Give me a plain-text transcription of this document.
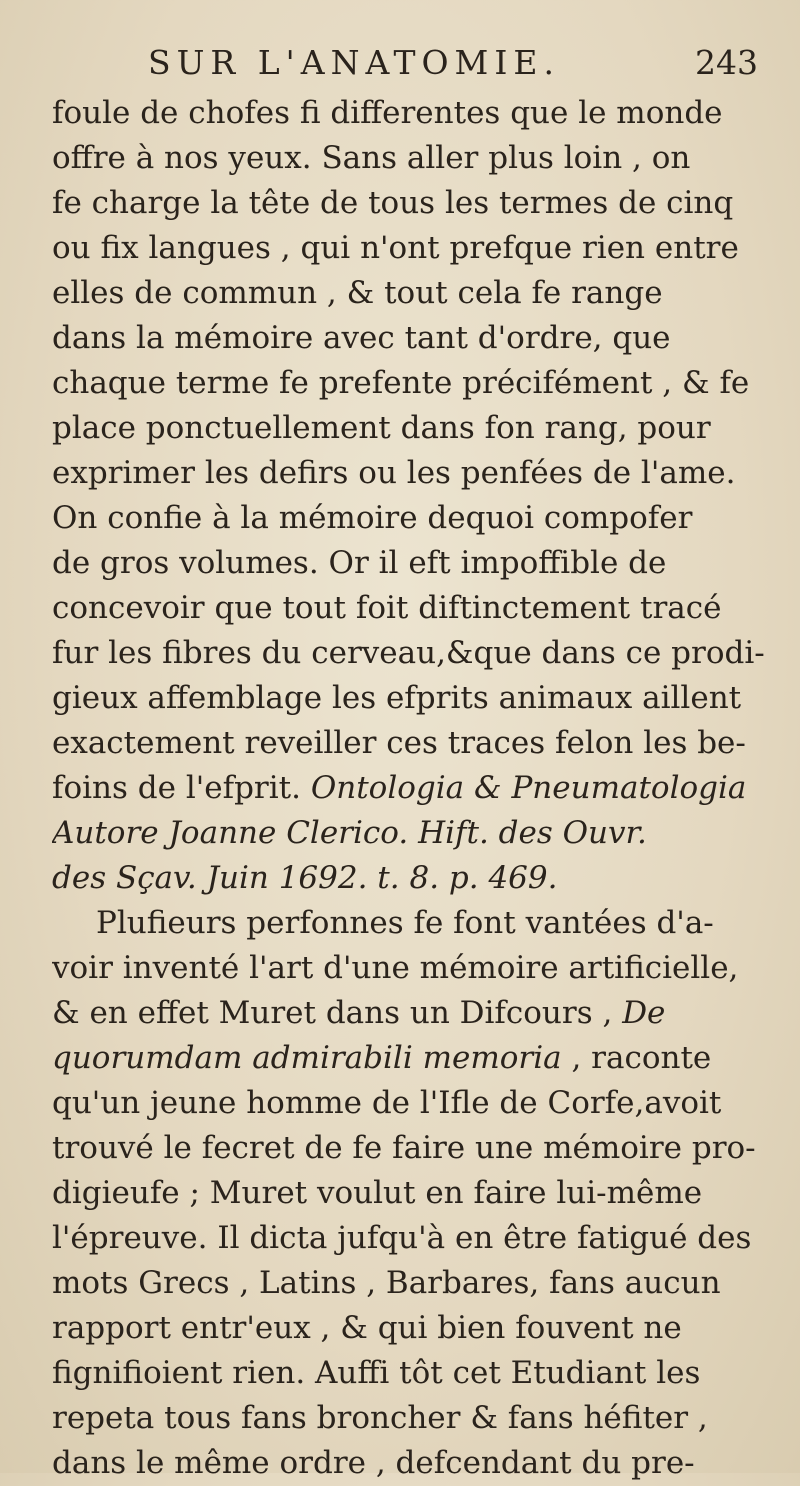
SUR L'ANATOMIE.	243
foule de chofes fi differentes que le monde
offre à nos yeux. Sans aller plus loin , on
fe charge la tête de tous les termes de cinq
ou fix langues , qui n'ont prefque rien entre
elles de commun , & tout cela fe range
dans la mémoire avec tant d'ordre, que
chaque terme fe prefente précifément , & fe
place ponctuellement dans fon rang, pour
exprimer les defirs ou les penfées de l'ame.
On confie à la mémoire dequoi compofer
de gros volumes. Or il eft impoffible de
concevoir que tout foit diftinctement tracé
fur les fibres du cerveau,&que dans ce prodi-
gieux affemblage les efprits animaux aillent
exactement reveiller ces traces felon les be-
foins de l'efprit. Ontologia & Pneumatologia
Autore Joanne Clerico. Hift. des Ouvr.
des Sçav. Juin 1692. t. 8. p. 469.
Plufieurs perfonnes fe font vantées d'a-
voir inventé l'art d'une mémoire artificielle,
& en effet Muret dans un Difcours , De
quorumdam admirabili memoria , raconte
qu'un jeune homme de l'Ifle de Corfe,avoit
trouvé le fecret de fe faire une mémoire pro-
digieufe ; Muret voulut en faire lui-même
l'épreuve. Il dicta jufqu'à en être fatigué des
mots Grecs , Latins , Barbares, fans aucun
rapport entr'eux , & qui bien fouvent ne
fignifioient rien. Auffi tôt cet Etudiant les
repeta tous fans broncher & fans héfiter ,
dans le même ordre , defcendant du pre-
